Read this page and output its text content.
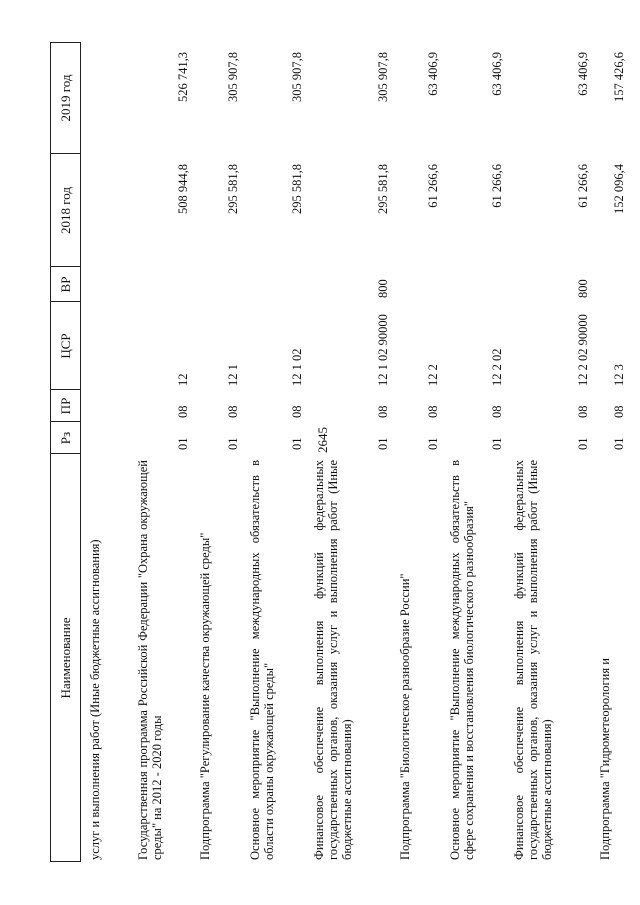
2645
Наименование
Рз
ПР
ЦСР
ВР
2018 год
2019 год
услуг и выполнения работ (Иные бюджетные ассигнования)	Государственная программа Российской Федерации "Охрана окружающей среды" на 2012 - 2020 годы
01
08
12
508 944,8
526 741,3
Подпрограмма "Регулирование качества окружающей среды"
01
08
12 1
295 581,8
305 907,8
Основное мероприятие "Выполнение международных обязательств в области охраны окружающей среды"
01
08
12 1 02
295 581,8
305 907,8
Финансовое обеспечение выполнения функций федеральных государственных органов, оказания услуг и выполнения работ (Иные бюджетные ассигнования)
01
08
12 1 02 90000
800
295 581,8
305 907,8
Подпрограмма "Биологическое разнообразие России"
01
08
12 2
61 266,6
63 406,9
Основное мероприятие "Выполнение международных обязательств в сфере сохранения и восстановления биологического разнообразия"
01
08
12 2 02
61 266,6
63 406,9
Финансовое обеспечение выполнения функций федеральных государственных органов, оказания услуг и выполнения работ (Иные бюджетные ассигнования)
01
08
12 2 02 90000
800
61 266,6
63 406,9
Подпрограмма "Гидрометеорология и
01
08
12 3
152 096,4
157 426,6
